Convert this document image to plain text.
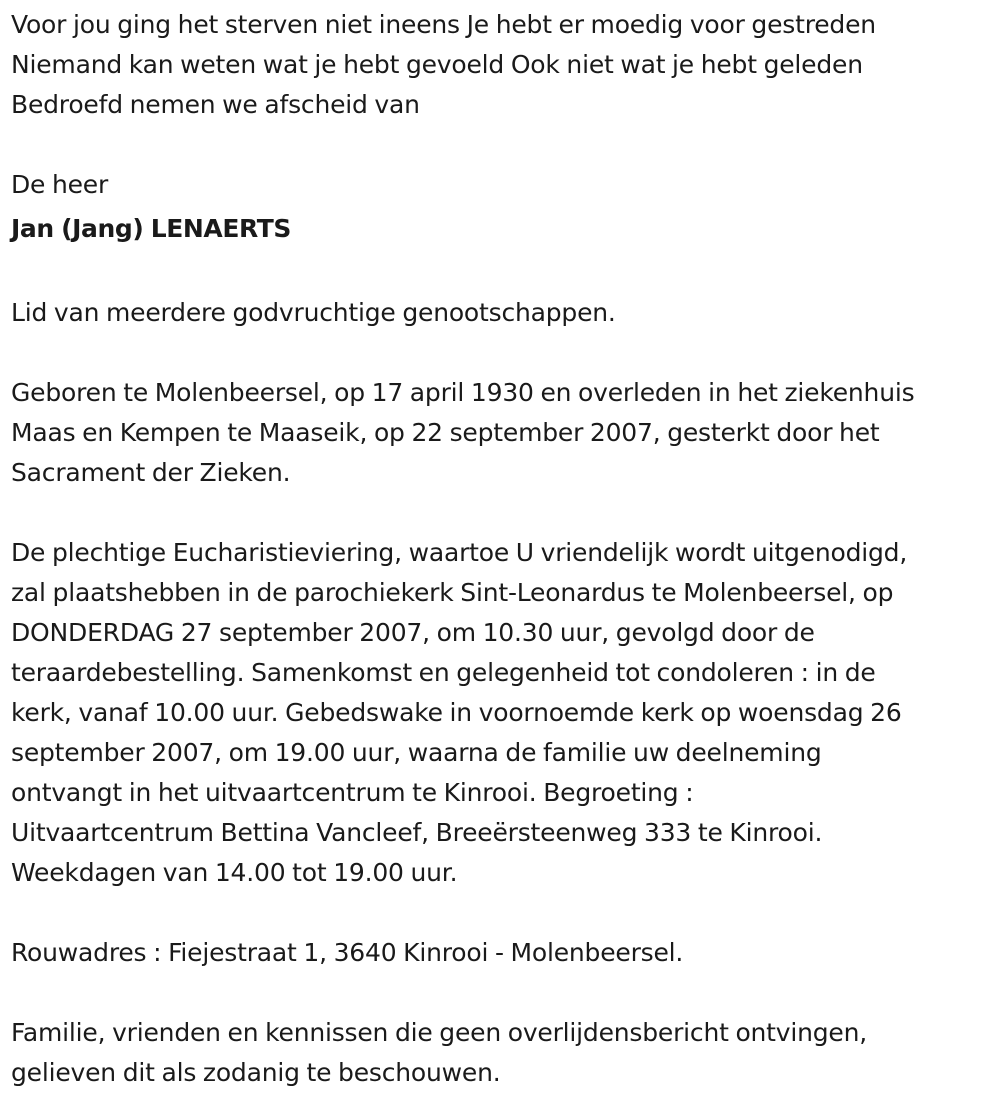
Voor jou ging het sterven niet ineens Je hebt er moedig voor gestreden
Niemand kan weten wat je hebt gevoeld Ook niet wat je hebt geleden
Bedroefd nemen we afscheid van
De heer
Jan (Jang) LENAERTS
Lid van meerdere godvruchtige genootschappen.
Geboren te Molenbeersel, op 17 april 1930 en overleden in het ziekenhuis
Maas en Kempen te Maaseik, op 22 september 2007, gesterkt door het
Sacrament der Zieken.
De plechtige Eucharistieviering, waartoe U vriendelijk wordt uitgenodigd,
zal plaatshebben in de parochiekerk Sint-Leonardus te Molenbeersel, op
DONDERDAG 27 september 2007, om 10.30 uur, gevolgd door de
teraardebestelling. Samenkomst en gelegenheid tot condoleren : in de
kerk, vanaf 10.00 uur. Gebedswake in voornoemde kerk op woensdag 26
september 2007, om 19.00 uur, waarna de familie uw deelneming
ontvangt in het uitvaartcentrum te Kinrooi. Begroeting :
Uitvaartcentrum Bettina Vancleef, Breeërsteenweg 333 te Kinrooi.
Weekdagen van 14.00 tot 19.00 uur.
Rouwadres : Fiejestraat 1, 3640 Kinrooi - Molenbeersel.
Familie, vrienden en kennissen die geen overlijdensbericht ontvingen,
gelieven dit als zodanig te beschouwen.
